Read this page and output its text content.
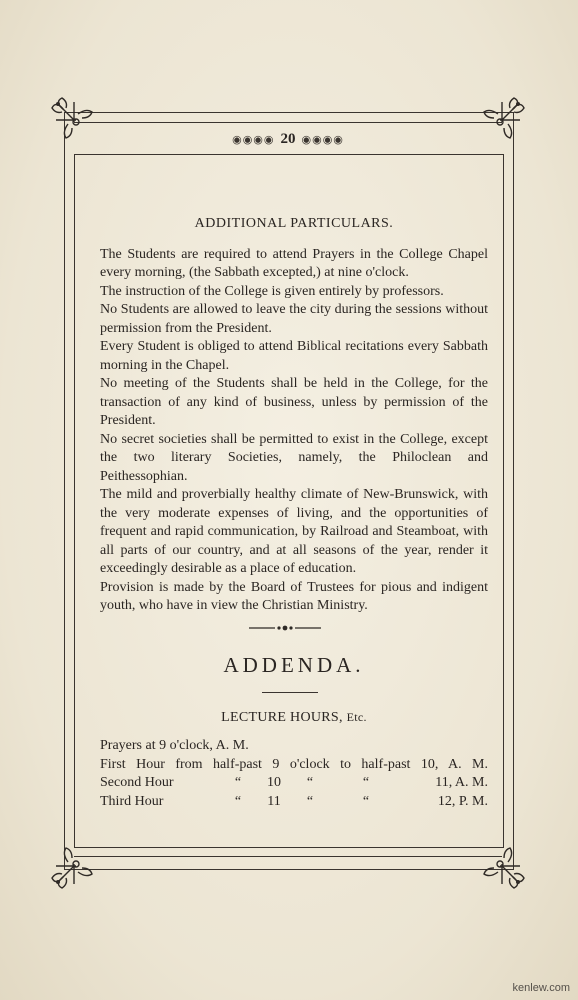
◉◉◉◉ 20 ◉◉◉◉

ADDITIONAL PARTICULARS.

The Students are required to attend Prayers in the College Chapel every morning, (the Sabbath excepted,) at nine o'clock.

The instruction of the College is given entirely by professors.

No Students are allowed to leave the city during the sessions without permission from the President.

Every Student is obliged to attend Biblical recitations every Sabbath morning in the Chapel.

No meeting of the Students shall be held in the College, for the transaction of any kind of business, unless by permission of the President.

No secret societies shall be permitted to exist in the College, except the two literary Societies, namely, the Philoclean and Peithessophian.

The mild and proverbially healthy climate of New-Brunswick, with the very moderate expenses of living, and the opportunities of frequent and rapid communication, by Railroad and Steamboat, with all parts of our country, and at all seasons of the year, render it exceedingly desirable as a place of education.

Provision is made by the Board of Trustees for pious and indigent youth, who have in view the Christian Ministry.

ADDENDA.
LECTURE HOURS, Etc.
Prayers at 9 o'clock, A. M.
First Hour from half-past 9 o'clock to half-past 10, A. M.
Second Hour	“	10	“	“	11, A. M.
Third Hour	“	11	“	“	12, P. M.
kenlew.com
